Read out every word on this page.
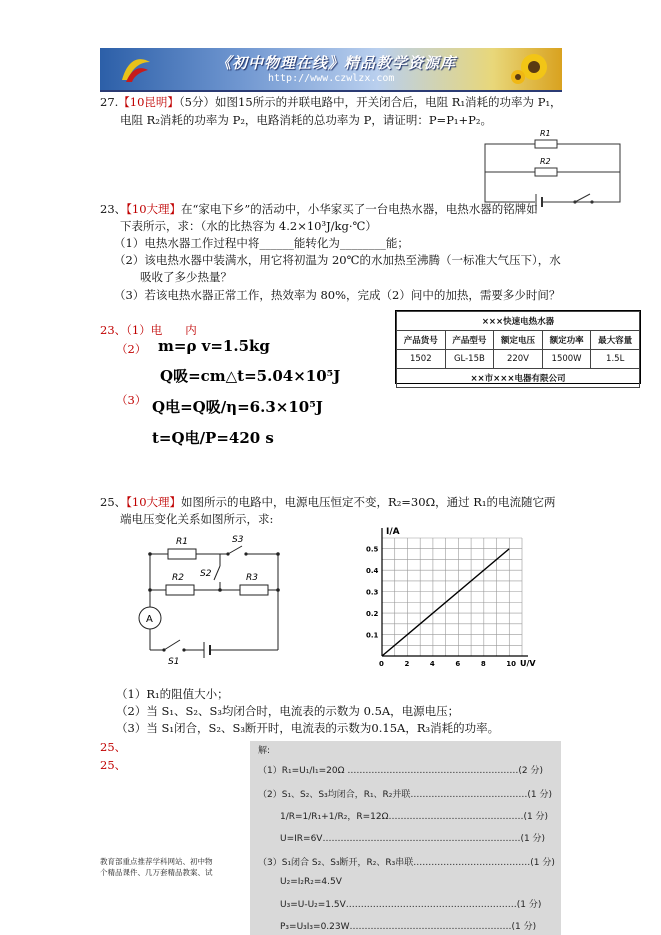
《初中物理在线》精品教学资源库
http://www.czwlzx.com
27.【10昆明】（5分）如图15所示的并联电路中，开关闭合后，电阻 R₁消耗的功率为 P₁，
电阻 R₂消耗的功率为 P₂，电路消耗的总功率为 P，请证明：P=P₁+P₂。
R1
R2
23、【10大理】在“家电下乡”的活动中，小华家买了一台电热水器，电热水器的铭牌如
下表所示，求：（水的比热容为 4.2×10³J/kg·℃）
（1）电热水器工作过程中将______能转化为________能；
（2）该电热水器中装满水，用它将初温为 20℃的水加热至沸腾（一标准大气压下），水
吸收了多少热量？
（3）若该电热水器正常工作，热效率为 80%，完成（2）问中的加热，需要多少时间？
×××快速电热水器				
产品货号	产品型号	额定电压	额定功率	最大容量
1502	GL-15B	220V	1500W	1.5L
××市×××电器有限公司				
23、（1）电　　内
（2） m=ρ v=1.5kg
Q吸=cm△t=5.04×10⁵J
（3） Q电=Q吸/η=6.3×10⁵J
t=Q电/P=420 s
25、【10大理】如图所示的电路中，电源电压恒定不变，R₂=30Ω，通过 R₁的电流随它两
端电压变化关系如图所示，求:
A
R1
R2	R3
S3
S2
S1
I/A
U/V
0	2	4	6	8	10
0.1
0.2
0.3
0.4
0.5
（1）R₁的阻值大小；
（2）当 S₁、S₂、S₃均闭合时，电流表的示数为 0.5A，电源电压；
（3）当 S₁闭合，S₂、S₃断开时，电流表的示数为0.15A，R₃消耗的功率。
25、
25、
解:
（1）R₁=U₁/I₁=20Ω …………………………………………………(2 分)
（2）S₁、S₂、S₃均闭合，R₁、R₂并联…………………………………(1 分)
1/R=1/R₁+1/R₂，R=12Ω………………………………………(1 分)
U=IR=6V…………………………………………………………(1 分)
（3）S₁闭合 S₂、S₃断开，R₂、R₃串联…………………………………(1 分)
U₂=I₂R₂=4.5V
U₃=U-U₂=1.5V…………………………………………………(1 分)
P₃=U₃I₃=0.23W………………………………………………(1 分)
教育部重点推荐学科网站、初中物
个精品课件、几万套精品教案、试
